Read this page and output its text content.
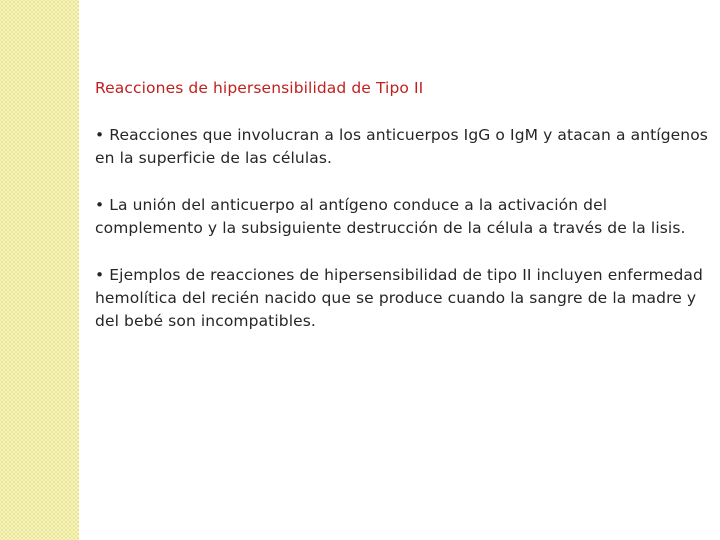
Reacciones de hipersensibilidad de Tipo II
• Reacciones que involucran a los anticuerpos IgG o IgM y atacan a antígenos en la superficie de las células.
• La unión del anticuerpo al antígeno conduce a la activación del complemento y la subsiguiente destrucción de la célula a través de la lisis.
• Ejemplos de reacciones de hipersensibilidad de tipo II incluyen enfermedad hemolítica del recién nacido que se produce cuando la sangre de la madre y del bebé son incompatibles.
